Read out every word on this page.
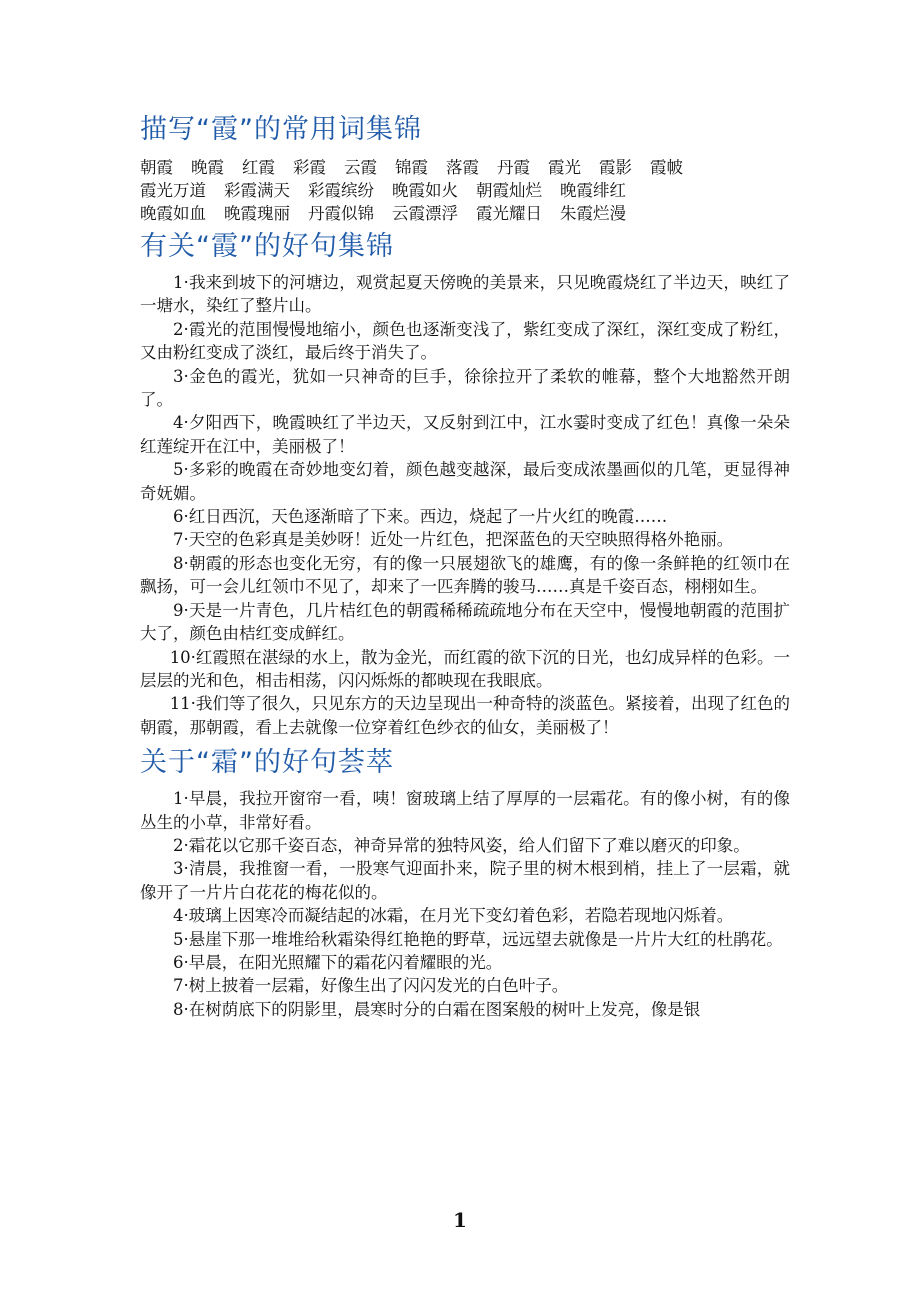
描写“霞”的常用词集锦
朝霞 晚霞 红霞 彩霞 云霞 锦霞 落霞 丹霞 霞光 霞影 霞帔
霞光万道 彩霞满天 彩霞缤纷 晚霞如火 朝霞灿烂 晚霞绯红
晚霞如血 晚霞瑰丽 丹霞似锦 云霞漂浮 霞光耀日 朱霞烂漫
有关“霞”的好句集锦

1·我来到坡下的河塘边，观赏起夏天傍晚的美景来，只见晚霞烧红了半边天，映红了一塘水，染红了整片山。

2·霞光的范围慢慢地缩小，颜色也逐渐变浅了，紫红变成了深红，深红变成了粉红，又由粉红变成了淡红，最后终于消失了。

3·金色的霞光，犹如一只神奇的巨手，徐徐拉开了柔软的帷幕，整个大地豁然开朗了。

4·夕阳西下，晚霞映红了半边天，又反射到江中，江水霎时变成了红色！真像一朵朵红莲绽开在江中，美丽极了！

5·多彩的晚霞在奇妙地变幻着，颜色越变越深，最后变成浓墨画似的几笔，更显得神奇妩媚。

6·红日西沉，天色逐渐暗了下来。西边，烧起了一片火红的晚霞……

7·天空的色彩真是美妙呀！近处一片红色，把深蓝色的天空映照得格外艳丽。

8·朝霞的形态也变化无穷，有的像一只展翅欲飞的雄鹰，有的像一条鲜艳的红领巾在飘扬，可一会儿红领巾不见了，却来了一匹奔腾的骏马……真是千姿百态，栩栩如生。

9·天是一片青色，几片桔红色的朝霞稀稀疏疏地分布在天空中，慢慢地朝霞的范围扩大了，颜色由桔红变成鲜红。

10·红霞照在湛绿的水上，散为金光，而红霞的欲下沉的日光，也幻成异样的色彩。一层层的光和色，相击相荡，闪闪烁烁的都映现在我眼底。

11·我们等了很久，只见东方的天边呈现出一种奇特的淡蓝色。紧接着，出现了红色的朝霞，那朝霞，看上去就像一位穿着红色纱衣的仙女，美丽极了！

关于“霜”的好句荟萃

1·早晨，我拉开窗帘一看，咦！窗玻璃上结了厚厚的一层霜花。有的像小树，有的像丛生的小草，非常好看。

2·霜花以它那千姿百态，神奇异常的独特风姿，给人们留下了难以磨灭的印象。

3·清晨，我推窗一看，一股寒气迎面扑来，院子里的树木根到梢，挂上了一层霜，就像开了一片片白花花的梅花似的。

4·玻璃上因寒冷而凝结起的冰霜，在月光下变幻着色彩，若隐若现地闪烁着。

5·悬崖下那一堆堆给秋霜染得红艳艳的野草，远远望去就像是一片片大红的杜鹃花。

6·早晨，在阳光照耀下的霜花闪着耀眼的光。

7·树上披着一层霜，好像生出了闪闪发光的白色叶子。

8·在树荫底下的阴影里，晨寒时分的白霜在图案般的树叶上发亮，像是银

1
